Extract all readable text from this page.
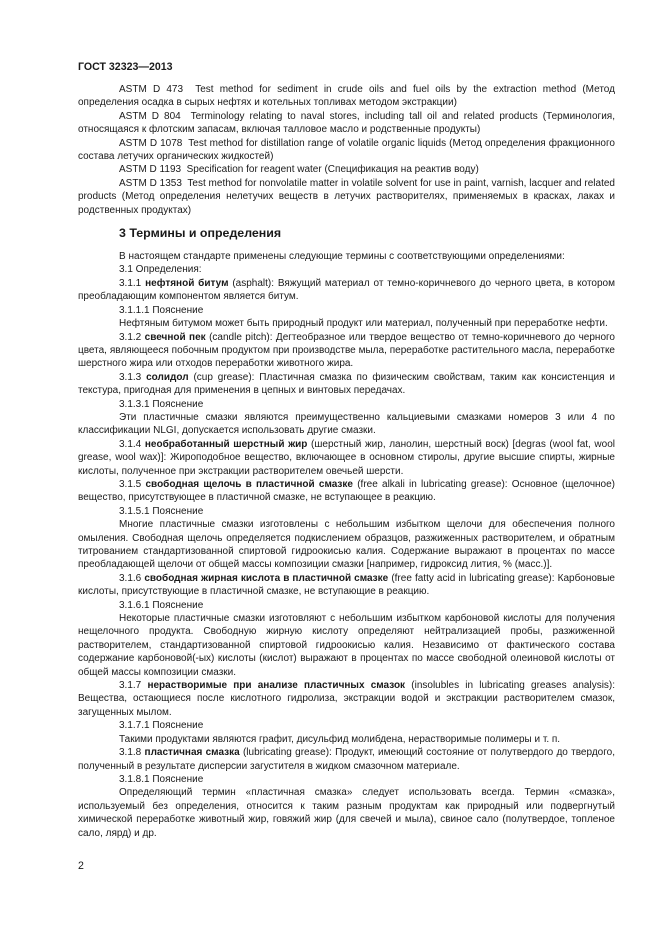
ГОСТ 32323—2013

ASTM D 473 Test method for sediment in crude oils and fuel oils by the extraction method (Метод определения осадка в сырых нефтях и котельных топливах методом экстракции)

ASTM D 804 Terminology relating to naval stores, including tall oil and related products (Терминология, относящаяся к флотским запасам, включая талловое масло и родственные продукты)

ASTM D 1078 Test method for distillation range of volatile organic liquids (Метод определения фракционного состава летучих органических жидкостей)

ASTM D 1193 Specification for reagent water (Спецификация на реактив воду)

ASTM D 1353 Test method for nonvolatile matter in volatile solvent for use in paint, varnish, lacquer and related products (Метод определения нелетучих веществ в летучих растворителях, применяемых в красках, лаках и родственных продуктах)

3 Термины и определения

В настоящем стандарте применены следующие термины с соответствующими определениями:

3.1 Определения:

3.1.1 нефтяной битум (asphalt): Вяжущий материал от темно-коричневого до черного цвета, в котором преобладающим компонентом является битум.

3.1.1.1 Пояснение

Нефтяным битумом может быть природный продукт или материал, полученный при переработке нефти.

3.1.2 свечной пек (candle pitch): Дегтеобразное или твердое вещество от темно-коричневого до черного цвета, являющееся побочным продуктом при производстве мыла, переработке растительного масла, переработке шерстного жира или отходов переработки животного жира.

3.1.3 солидол (cup grease): Пластичная смазка по физическим свойствам, таким как консистенция и текстура, пригодная для применения в цепных и винтовых передачах.

3.1.3.1 Пояснение

Эти пластичные смазки являются преимущественно кальциевыми смазками номеров 3 или 4 по классификации NLGI, допускается использовать другие смазки.

3.1.4 необработанный шерстный жир (шерстный жир, ланолин, шерстный воск) [degras (wool fat, wool grease, wool wax)]: Жироподобное вещество, включающее в основном стиролы, другие высшие спирты, жирные кислоты, полученное при экстракции растворителем овечьей шерсти.

3.1.5 свободная щелочь в пластичной смазке (free alkali in lubricating grease): Основное (щелочное) вещество, присутствующее в пластичной смазке, не вступающее в реакцию.

3.1.5.1 Пояснение

Многие пластичные смазки изготовлены с небольшим избытком щелочи для обеспечения полного омыления. Свободная щелочь определяется подкислением образцов, разжиженных растворителем, и обратным титрованием стандартизованной спиртовой гидроокисью калия. Содержание выражают в процентах по массе преобладающей щелочи от общей массы композиции смазки [например, гидроксид лития, % (масс.)].

3.1.6 свободная жирная кислота в пластичной смазке (free fatty acid in lubricating grease): Карбоновые кислоты, присутствующие в пластичной смазке, не вступающие в реакцию.

3.1.6.1 Пояснение

Некоторые пластичные смазки изготовляют с небольшим избытком карбоновой кислоты для получения нещелочного продукта. Свободную жирную кислоту определяют нейтрализацией пробы, разжиженной растворителем, стандартизованной спиртовой гидроокисью калия. Независимо от фактического состава содержание карбоновой(-ых) кислоты (кислот) выражают в процентах по массе свободной олеиновой кислоты от общей массы композиции смазки.

3.1.7 нерастворимые при анализе пластичных смазок (insolubles in lubricating greases analysis): Вещества, остающиеся после кислотного гидролиза, экстракции водой и экстракции растворителем смазок, загущенных мылом.

3.1.7.1 Пояснение

Такими продуктами являются графит, дисульфид молибдена, нерастворимые полимеры и т. п.

3.1.8 пластичная смазка (lubricating grease): Продукт, имеющий состояние от полутвердого до твердого, полученный в результате дисперсии загустителя в жидком смазочном материале.

3.1.8.1 Пояснение

Определяющий термин «пластичная смазка» следует использовать всегда. Термин «смазка», используемый без определения, относится к таким разным продуктам как природный или подвергнутый химической переработке животный жир, говяжий жир (для свечей и мыла), свиное сало (полутвердое, топленое сало, лярд) и др.

2
